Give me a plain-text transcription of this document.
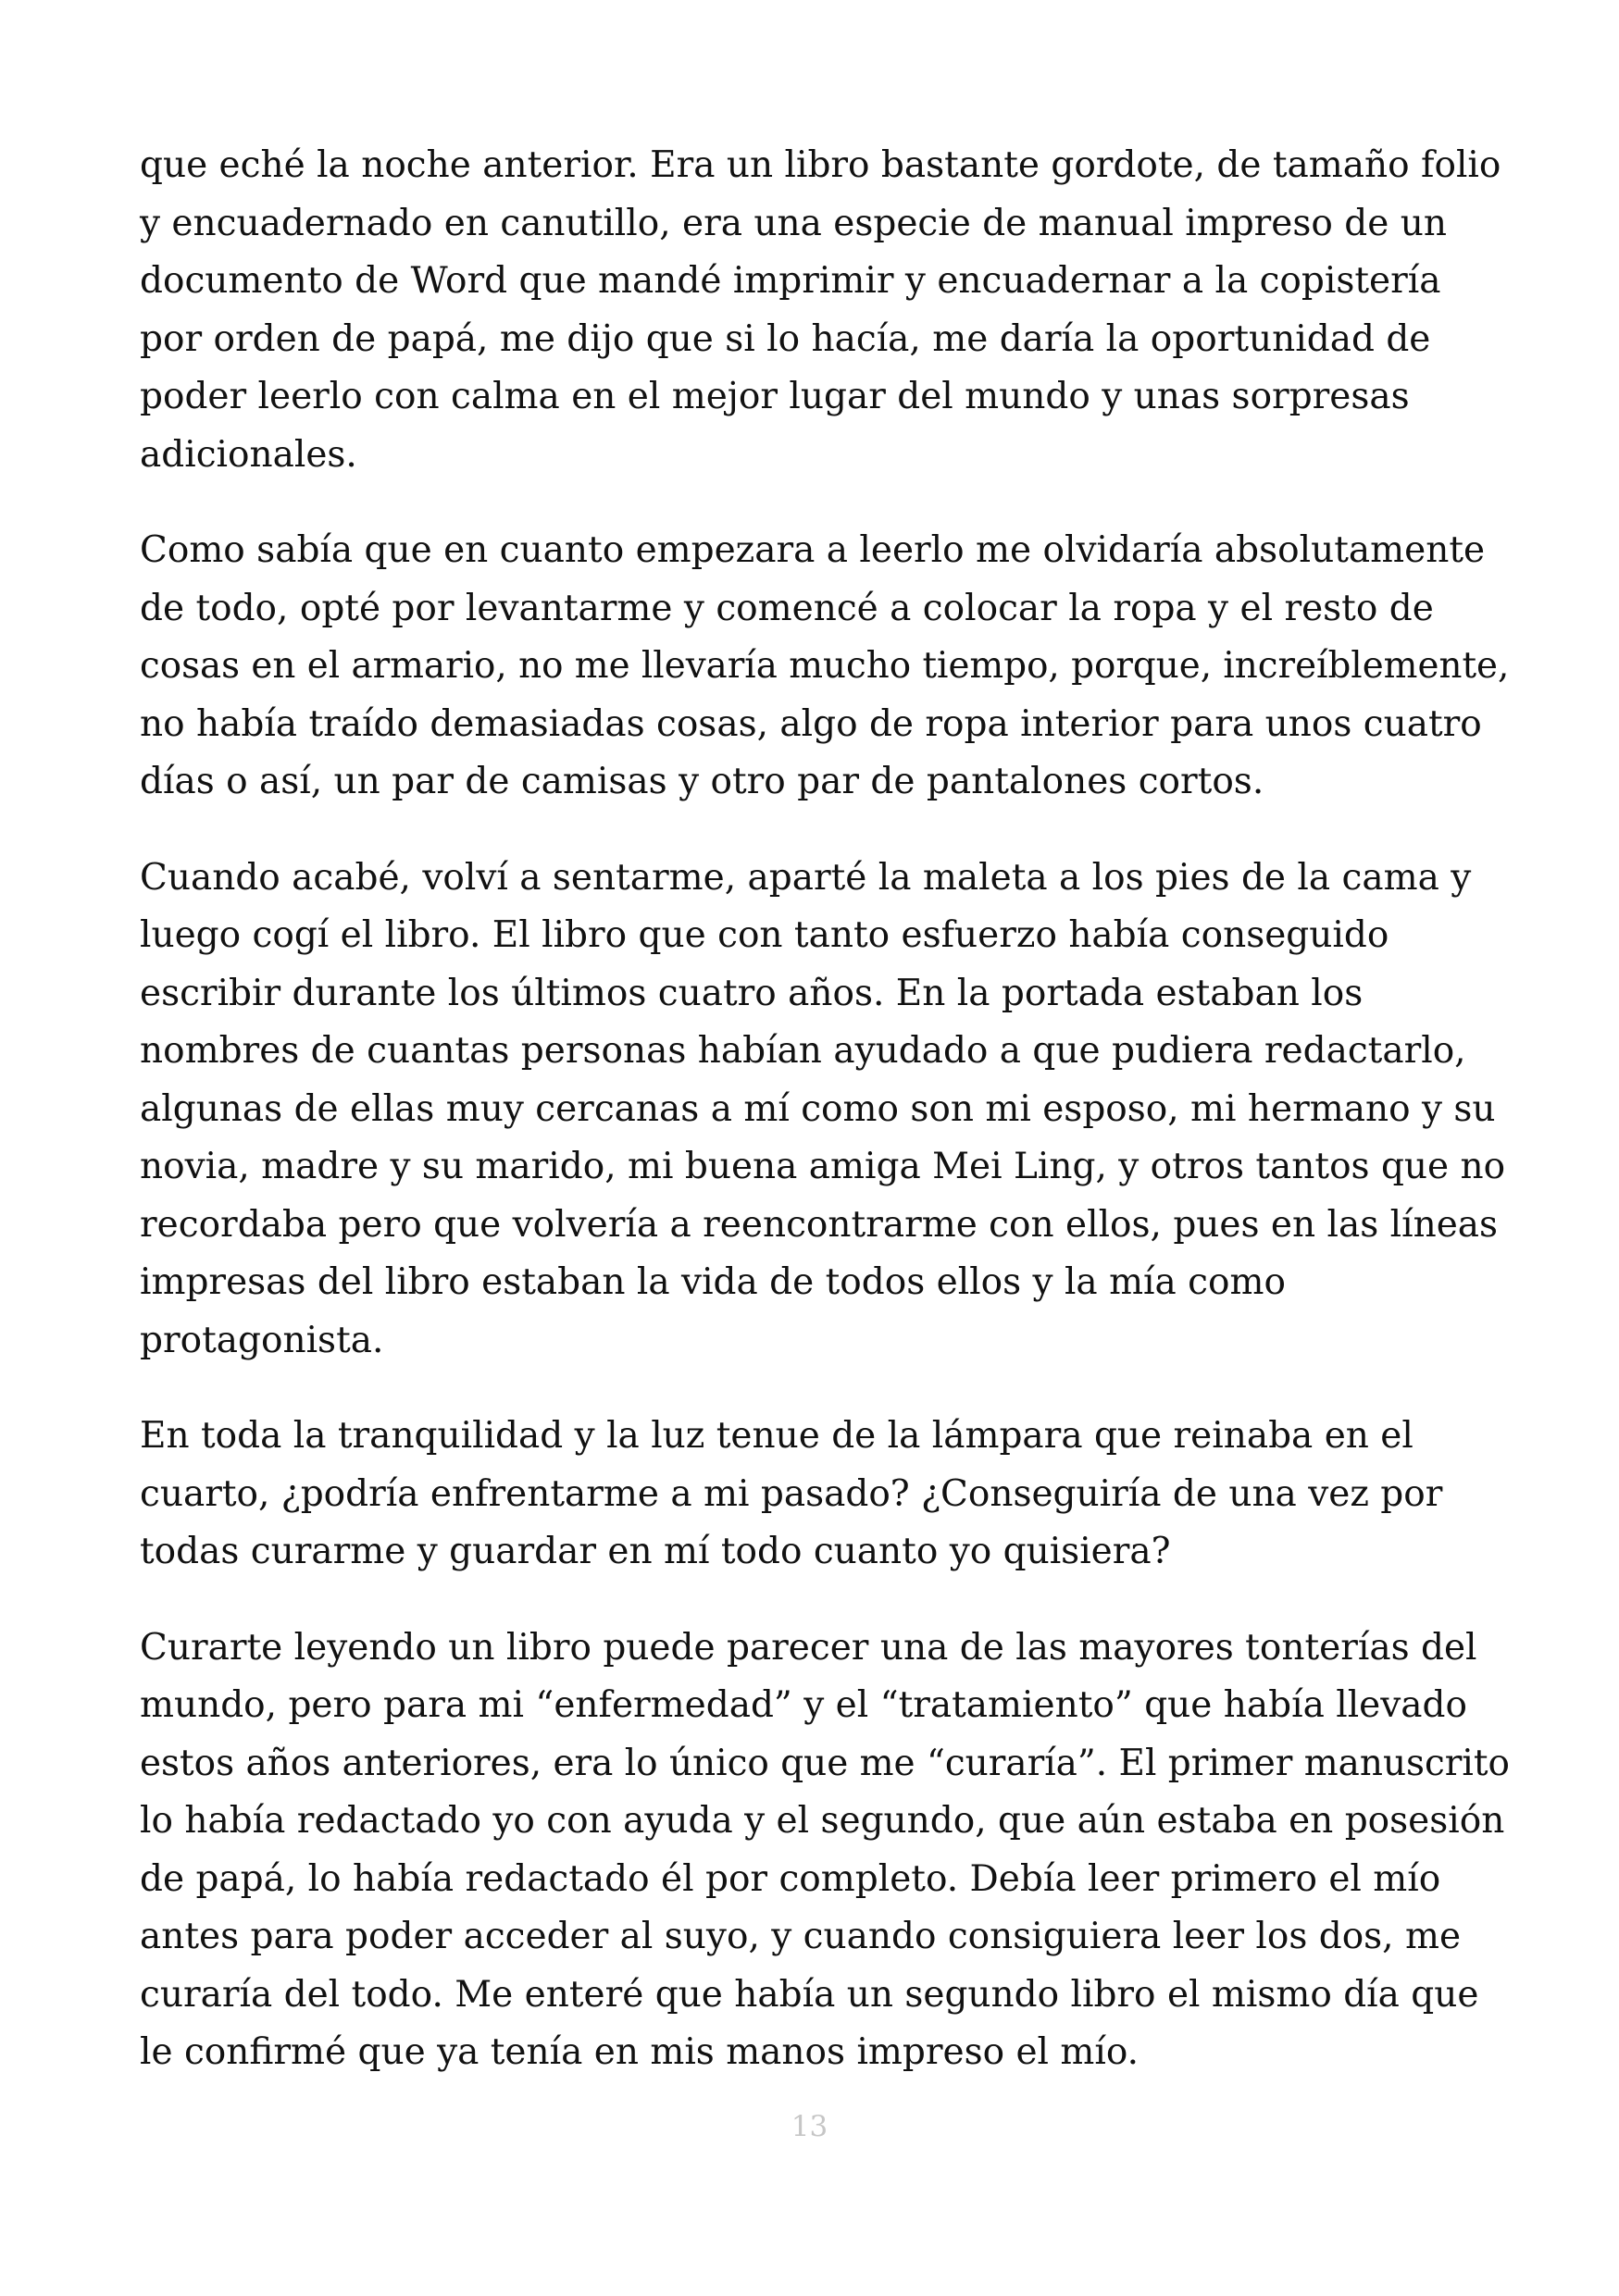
que eché la noche anterior. Era un libro bastante gordote, de tamaño folio
y encuadernado en canutillo, era una especie de manual impreso de un
documento de Word que mandé imprimir y encuadernar a la copistería
por orden de papá, me dijo que si lo hacía, me daría la oportunidad de
poder leerlo con calma en el mejor lugar del mundo y unas sorpresas
adicionales.

Como sabía que en cuanto empezara a leerlo me olvidaría absolutamente
de todo, opté por levantarme y comencé a colocar la ropa y el resto de
cosas en el armario, no me llevaría mucho tiempo, porque, increíblemente,
no había traído demasiadas cosas, algo de ropa interior para unos cuatro
días o así, un par de camisas y otro par de pantalones cortos.

Cuando acabé, volví a sentarme, aparté la maleta a los pies de la cama y
luego cogí el libro. El libro que con tanto esfuerzo había conseguido
escribir durante los últimos cuatro años. En la portada estaban los
nombres de cuantas personas habían ayudado a que pudiera redactarlo,
algunas de ellas muy cercanas a mí como son mi esposo, mi hermano y su
novia, madre y su marido, mi buena amiga Mei Ling, y otros tantos que no
recordaba pero que volvería a reencontrarme con ellos, pues en las líneas
impresas del libro estaban la vida de todos ellos y la mía como
protagonista.

En toda la tranquilidad y la luz tenue de la lámpara que reinaba en el
cuarto, ¿podría enfrentarme a mi pasado? ¿Conseguiría de una vez por
todas curarme y guardar en mí todo cuanto yo quisiera?

Curarte leyendo un libro puede parecer una de las mayores tonterías del
mundo, pero para mi “enfermedad” y el “tratamiento” que había llevado
estos años anteriores, era lo único que me “curaría”. El primer manuscrito
lo había redactado yo con ayuda y el segundo, que aún estaba en posesión
de papá, lo había redactado él por completo. Debía leer primero el mío
antes para poder acceder al suyo, y cuando consiguiera leer los dos, me
curaría del todo. Me enteré que había un segundo libro el mismo día que
le confirmé que ya tenía en mis manos impreso el mío.

13
